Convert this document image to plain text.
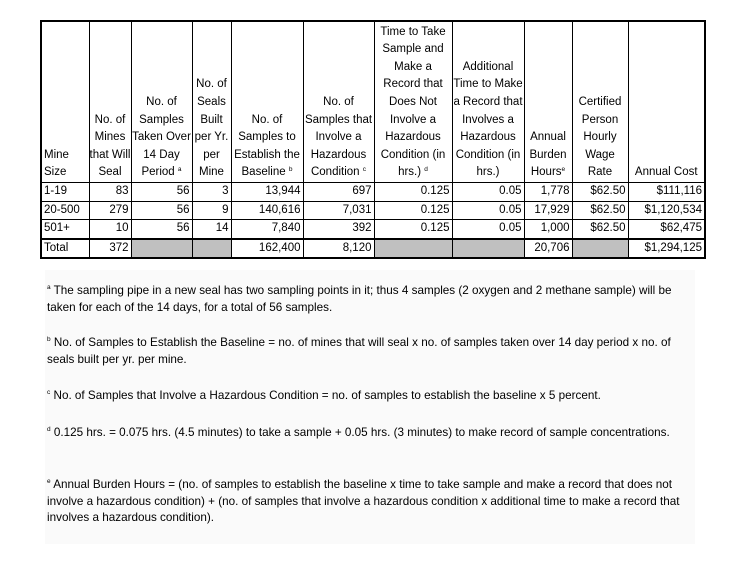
Mine Size	No. of Mines that Will Seal	No. of Samples Taken Over 14 Day Period $^a$	No. of Seals Built per Yr. per Mine	No. of Samples to Establish the Baseline $^b$	No. of Samples that Involve a Hazardous Condition $^c$	Time to Take Sample and Make a Record that Does Not Involve a Hazardous Condition (in hrs.) $^d$	Additional Time to Make a Record that Involves a Hazardous Condition (in hrs.)	Annual Burden Hours$^e$	Certified Person Hourly Wage Rate	Annual Cost
1-19	83	56	3	13,944	697	0.125	0.05	1,778	$62.50	$111,116
20-500	279	56	9	140,616	7,031	0.125	0.05	17,929	$62.50	$1,120,534
501+	10	56	14	7,840	392	0.125	0.05	1,000	$62.50	$62,475
Total	372			162,400	8,120			20,706		$1,294,125

$^a$ The sampling pipe in a new seal has two sampling points in it; thus 4 samples (2 oxygen and 2 methane sample) will be taken for each of the 14 days, for a total of 56 samples.

$^b$ No. of Samples to Establish the Baseline = no. of mines that will seal x no. of samples taken over 14 day period x no. of seals built per yr. per mine.

$^c$ No. of Samples that Involve a Hazardous Condition = no. of samples to establish the baseline x 5 percent.

$^d$ 0.125 hrs. = 0.075 hrs. (4.5 minutes) to take a sample + 0.05 hrs. (3 minutes) to make record of sample concentrations.

$^e$ Annual Burden Hours = (no. of samples to establish the baseline x time to take sample and make a record that does not involve a hazardous condition) + (no. of samples that involve a hazardous condition x additional time to make a record that involves a hazardous condition).
